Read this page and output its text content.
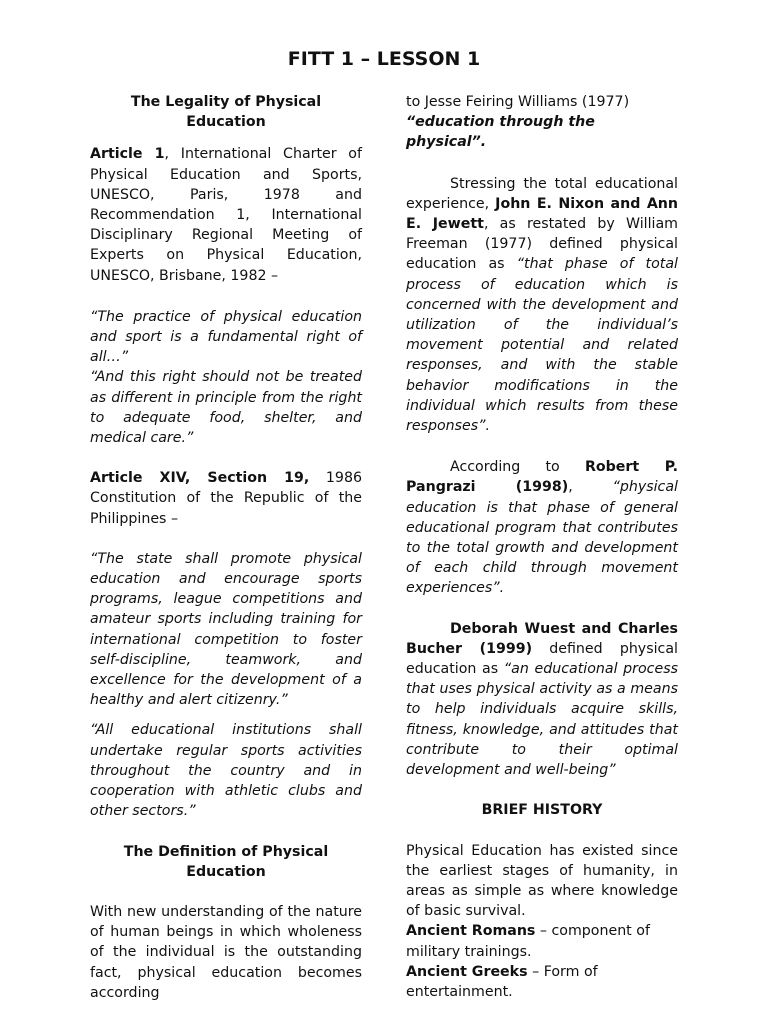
FITT 1 – LESSON 1

The Legality of Physical Education

Article 1, International Charter of Physical Education and Sports, UNESCO, Paris, 1978 and Recommendation 1, International Disciplinary Regional Meeting of Experts on Physical Education, UNESCO, Brisbane, 1982 –

“The practice of physical education and sport is a fundamental right of all…”

“And this right should not be treated as different in principle from the right to adequate food, shelter, and medical care.”

Article XIV, Section 19, 1986 Constitution of the Republic of the Philippines –

“The state shall promote physical education and encourage sports programs, league competitions and amateur sports including training for international competition to foster self-discipline, teamwork, and excellence for the development of a healthy and alert citizenry.”

“All educational institutions shall undertake regular sports activities throughout the country and in cooperation with athletic clubs and other sectors.”

The Definition of Physical Education

With new understanding of the nature of human beings in which wholeness of the individual is the outstanding fact, physical education becomes according

to Jesse Feiring Williams (1977)

“education through the physical”.

Stressing the total educational experience, John E. Nixon and Ann E. Jewett, as restated by William Freeman (1977) defined physical education as “that phase of total process of education which is concerned with the development and utilization of the individual’s movement potential and related responses, and with the stable behavior modifications in the individual which results from these responses”.

According to Robert P. Pangrazi (1998), “physical education is that phase of general educational program that contributes to the total growth and development of each child through movement experiences”.

Deborah Wuest and Charles Bucher (1999) defined physical education as “an educational process that uses physical activity as a means to help individuals acquire skills, fitness, knowledge, and attitudes that contribute to their optimal development and well-being”

BRIEF HISTORY

Physical Education has existed since the earliest stages of humanity, in areas as simple as where knowledge of basic survival.

Ancient Romans – component of military trainings.

Ancient Greeks – Form of entertainment.
